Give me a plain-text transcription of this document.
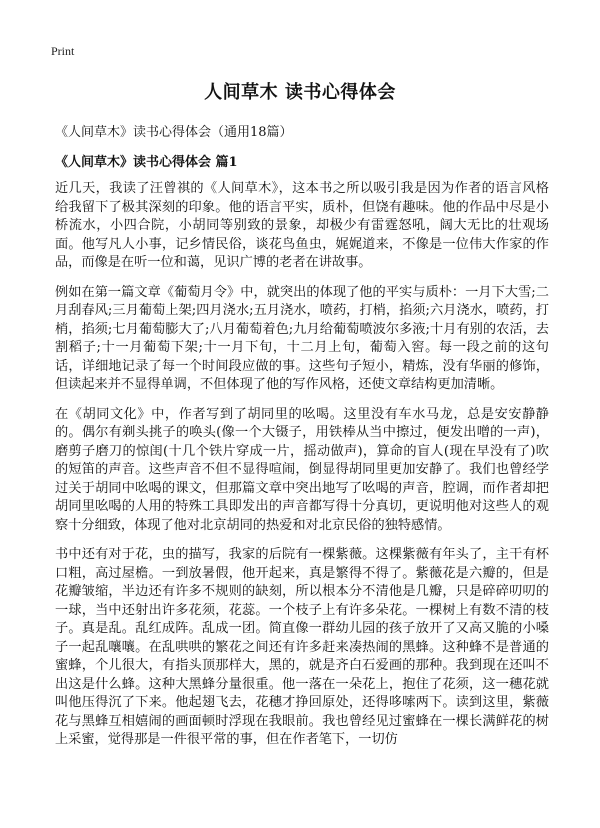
Print
人间草木 读书心得体会
《人间草木》读书心得体会（通用18篇）
《人间草木》读书心得体会 篇1

近几天，我读了汪曾祺的《人间草木》，这本书之所以吸引我是因为作者的语言风格给我留下了极其深刻的印象。他的语言平实，质朴，但饶有趣味。他的作品中尽是小桥流水，小四合院，小胡同等别致的景象，却极少有雷霆怒吼，阔大无比的壮观场面。他写凡人小事，记乡情民俗，谈花鸟鱼虫，娓娓道来，不像是一位伟大作家的作品，而像是在听一位和蔼，见识广博的老者在讲故事。

例如在第一篇文章《葡萄月令》中，就突出的体现了他的平实与质朴：一月下大雪;二月刮春风;三月葡萄上架;四月浇水;五月浇水，喷药，打梢，掐须;六月浇水，喷药，打梢，掐须;七月葡萄膨大了;八月葡萄着色;九月给葡萄喷波尔多液;十月有别的农活，去割稻子;十一月葡萄下架;十一月下旬，十二月上旬，葡萄入窖。每一段之前的这句话，详细地记录了每一个时间段应做的事。这些句子短小，精炼，没有华丽的修饰，但读起来并不显得单调，不但体现了他的写作风格，还使文章结构更加清晰。

在《胡同文化》中，作者写到了胡同里的吆喝。这里没有车水马龙，总是安安静静的。偶尔有剃头挑子的唤头(像一个大镊子，用铁棒从当中擦过，便发出噌的一声)，磨剪子磨刀的惊闺(十几个铁片穿成一片，摇动做声)，算命的盲人(现在早没有了)吹的短笛的声音。这些声音不但不显得喧闹，倒显得胡同里更加安静了。我们也曾经学过关于胡同中吆喝的课文，但那篇文章中突出地写了吆喝的声音，腔调，而作者却把胡同里吆喝的人用的特殊工具即发出的声音都写得十分真切，更说明他对这些人的观察十分细致，体现了他对北京胡同的热爱和对北京民俗的独特感情。

书中还有对于花，虫的描写，我家的后院有一棵紫薇。这棵紫薇有年头了，主干有杯口粗，高过屋檐。一到放暑假，他开起来，真是繁得不得了。紫薇花是六瓣的，但是花瓣皱缩，半边还有许多不规则的缺刻，所以根本分不清他是几瓣，只是碎碎叨叨的一球，当中还射出许多花须，花蕊。一个枝子上有许多朵花。一棵树上有数不清的枝子。真是乱。乱红成阵。乱成一团。简直像一群幼儿园的孩子放开了又高又脆的小嗓子一起乱嚷嚷。在乱哄哄的繁花之间还有许多赶来凑热闹的黑蜂。这种蜂不是普通的蜜蜂，个儿很大，有指头顶那样大，黑的，就是齐白石爱画的那种。我到现在还叫不出这是什么蜂。这种大黑蜂分量很重。他一落在一朵花上，抱住了花须，这一穗花就叫他压得沉了下来。他起翅飞去，花穗才挣回原处，还得哆嗦两下。读到这里，紫薇花与黑蜂互相嬉闹的画面顿时浮现在我眼前。我也曾经见过蜜蜂在一棵长满鲜花的树上采蜜，觉得那是一件很平常的事，但在作者笔下，一切仿
